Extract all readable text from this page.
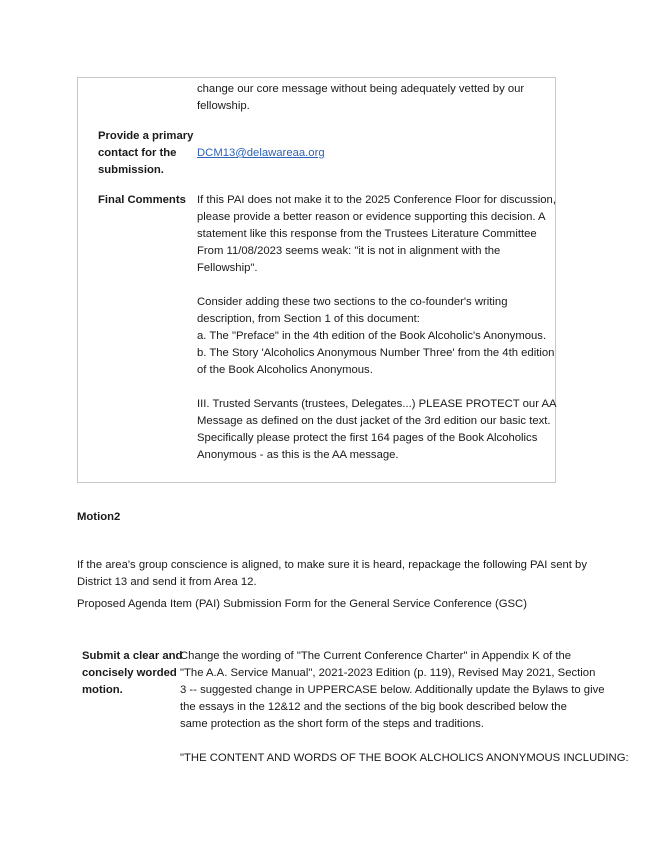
change our core message without being adequately vetted by our

fellowship.

Provide a primary

contact for the

submission.

DCM13@delawareaa.org
Final Comments If this PAI does not make it to the 2025 Conference Floor for discussion,

please provide a better reason or evidence supporting this decision. A

statement like this response from the Trustees Literature Committee

From 11/08/2023 seems weak: "it is not in alignment with the

Fellowship".

Consider adding these two sections to the co-founder's writing

description, from Section 1 of this document:

a. The "Preface" in the 4th edition of the Book Alcoholic's Anonymous.

b. The Story 'Alcoholics Anonymous Number Three' from the 4th edition

of the Book Alcoholics Anonymous.

III. Trusted Servants (trustees, Delegates...) PLEASE PROTECT our AA

Message as defined on the dust jacket of the 3rd edition our basic text.

Specifically please protect the first 164 pages of the Book Alcoholics

Anonymous - as this is the AA message.

Motion2

If the area's group conscience is aligned, to make sure it is heard, repackage the following PAI sent by

District 13 and send it from Area 12.

Proposed Agenda Item (PAI) Submission Form for the General Service Conference (GSC)

Submit a clear and

concisely worded

motion.

Change the wording of "The Current Conference Charter" in Appendix K of the

"The A.A. Service Manual", 2021-2023 Edition (p. 119), Revised May 2021, Section

3 -- suggested change in UPPERCASE below. Additionally update the Bylaws to give

the essays in the 12&12 and the sections of the big book described below the

same protection as the short form of the steps and traditions.

"THE CONTENT AND WORDS OF THE BOOK ALCHOLICS ANONYMOUS INCLUDING:
